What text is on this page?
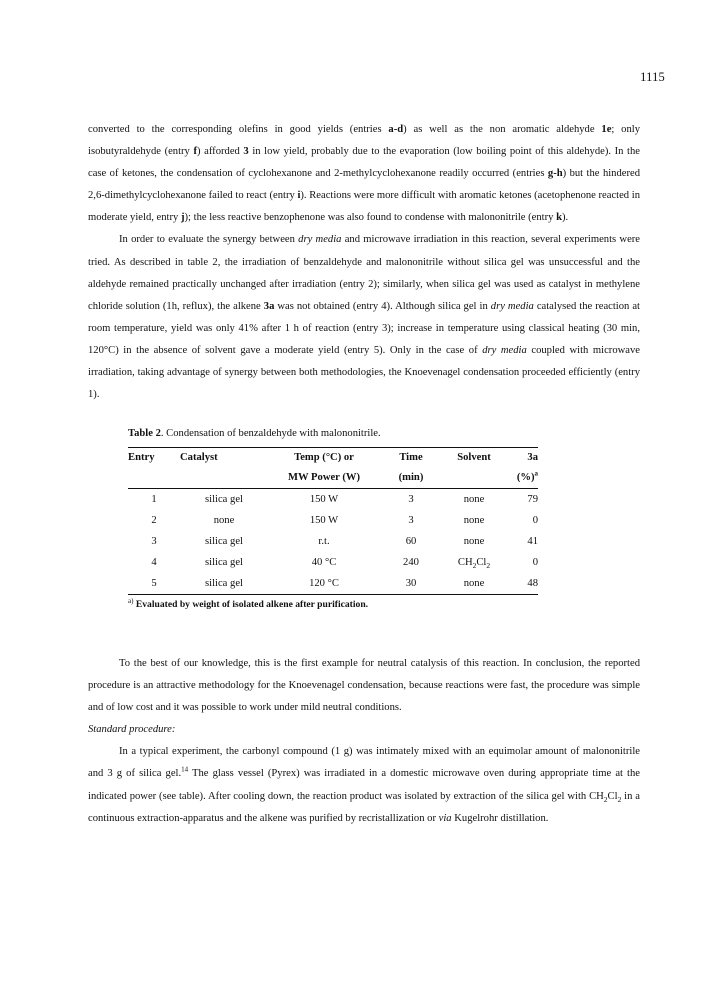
1115

converted to the corresponding olefins in good yields (entries a-d) as well as the non aromatic aldehyde 1e; only isobutyraldehyde (entry f) afforded 3 in low yield, probably due to the evaporation (low boiling point of this aldehyde). In the case of ketones, the condensation of cyclohexanone and 2-methylcyclohexanone readily occurred (entries g-h) but the hindered 2,6-dimethylcyclohexanone failed to react (entry i). Reactions were more difficult with aromatic ketones (acetophenone reacted in moderate yield, entry j); the less reactive benzophenone was also found to condense with malononitrile (entry k).

In order to evaluate the synergy between dry media and microwave irradiation in this reaction, several experiments were tried. As described in table 2, the irradiation of benzaldehyde and malononitrile without silica gel was unsuccessful and the aldehyde remained practically unchanged after irradiation (entry 2); similarly, when silica gel was used as catalyst in methylene chloride solution (1h, reflux), the alkene 3a was not obtained (entry 4). Although silica gel in dry media catalysed the reaction at room temperature, yield was only 41% after 1 h of reaction (entry 3); increase in temperature using classical heating (30 min, 120°C) in the absence of solvent gave a moderate yield (entry 5). Only in the case of dry media coupled with microwave irradiation, taking advantage of synergy between both methodologies, the Knoevenagel condensation proceeded efficiently (entry 1).

Table 2. Condensation of benzaldehyde with malononitrile.

Entry	Catalyst	Temp (°C) or	Time	Solvent	3a
		MW Power (W)	(min)		(%)$^a$
1	silica gel	150 W	3	none	79
2	none	150 W	3	none	0
3	silica gel	r.t.	60	none	41
4	silica gel	40 °C	240	$CH_2Cl_2$	0
5	silica gel	120 °C	30	none	48
$^{a)}$ Evaluated by weight of isolated alkene after purification.

To the best of our knowledge, this is the first example for neutral catalysis of this reaction. In conclusion, the reported procedure is an attractive methodology for the Knoevenagel condensation, because reactions were fast, the procedure was simple and of low cost and it was possible to work under mild neutral conditions.

Standard procedure:

In a typical experiment, the carbonyl compound (1 g) was intimately mixed with an equimolar amount of malononitrile and 3 g of silica gel.$^{14}$ The glass vessel (Pyrex) was irradiated in a domestic microwave oven during appropriate time at the indicated power (see table). After cooling down, the reaction product was isolated by extraction of the silica gel with $CH_2Cl_2$ in a continuous extraction-apparatus and the alkene was purified by recristallization or via Kugelrohr distillation.
